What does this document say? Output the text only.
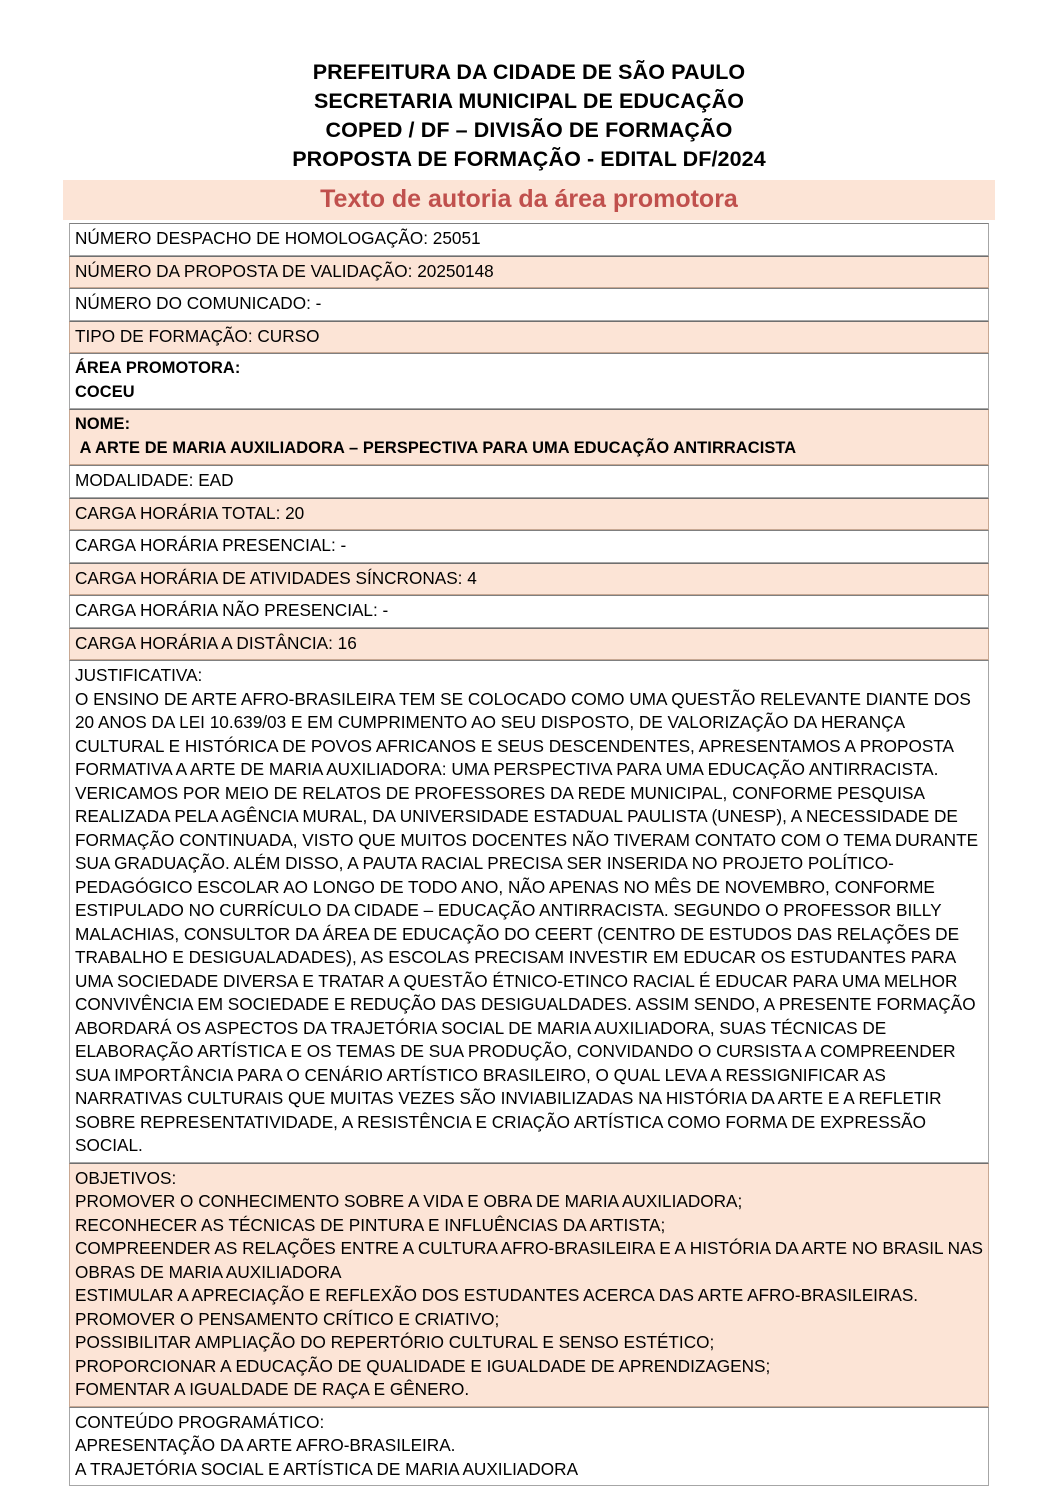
PREFEITURA DA CIDADE DE SÃO PAULO
SECRETARIA MUNICIPAL DE EDUCAÇÃO
COPED / DF – DIVISÃO DE FORMAÇÃO
PROPOSTA DE FORMAÇÃO - EDITAL DF/2024
Texto de autoria da área promotora
NÚMERO DESPACHO DE HOMOLOGAÇÃO: 25051
NÚMERO DA PROPOSTA DE VALIDAÇÃO: 20250148
NÚMERO DO COMUNICADO: -
TIPO DE FORMAÇÃO: CURSO

ÁREA PROMOTORA:
COCEU

NOME:
A ARTE DE MARIA AUXILIADORA – PERSPECTIVA PARA UMA EDUCAÇÃO ANTIRRACISTA

MODALIDADE: EAD
CARGA HORÁRIA TOTAL: 20
CARGA HORÁRIA PRESENCIAL: -
CARGA HORÁRIA DE ATIVIDADES SÍNCRONAS: 4
CARGA HORÁRIA NÃO PRESENCIAL: -
CARGA HORÁRIA A DISTÂNCIA: 16

JUSTIFICATIVA:
O ENSINO DE ARTE AFRO-BRASILEIRA TEM SE COLOCADO COMO UMA QUESTÃO RELEVANTE DIANTE DOS 20 ANOS DA LEI 10.639/03 E EM CUMPRIMENTO AO SEU DISPOSTO, DE VALORIZAÇÃO DA HERANÇA CULTURAL E HISTÓRICA DE POVOS AFRICANOS E SEUS DESCENDENTES, APRESENTAMOS A PROPOSTA FORMATIVA A ARTE DE MARIA AUXILIADORA: UMA PERSPECTIVA PARA UMA EDUCAÇÃO ANTIRRACISTA. VERICAMOS POR MEIO DE RELATOS DE PROFESSORES DA REDE MUNICIPAL, CONFORME PESQUISA REALIZADA PELA AGÊNCIA MURAL, DA UNIVERSIDADE ESTADUAL PAULISTA (UNESP), A NECESSIDADE DE FORMAÇÃO CONTINUADA, VISTO QUE MUITOS DOCENTES NÃO TIVERAM CONTATO COM O TEMA DURANTE SUA GRADUAÇÃO. ALÉM DISSO, A PAUTA RACIAL PRECISA SER INSERIDA NO PROJETO POLÍTICO-PEDAGÓGICO ESCOLAR AO LONGO DE TODO ANO, NÃO APENAS NO MÊS DE NOVEMBRO, CONFORME ESTIPULADO NO CURRÍCULO DA CIDADE – EDUCAÇÃO ANTIRRACISTA. SEGUNDO O PROFESSOR BILLY MALACHIAS, CONSULTOR DA ÁREA DE EDUCAÇÃO DO CEERT (CENTRO DE ESTUDOS DAS RELAÇÕES DE TRABALHO E DESIGUALADADES), AS ESCOLAS PRECISAM INVESTIR EM EDUCAR OS ESTUDANTES PARA UMA SOCIEDADE DIVERSA E TRATAR A QUESTÃO ÉTNICO-ETINCO RACIAL É EDUCAR PARA UMA MELHOR CONVIVÊNCIA EM SOCIEDADE E REDUÇÃO DAS DESIGUALDADES. ASSIM SENDO, A PRESENTE FORMAÇÃO ABORDARÁ OS ASPECTOS DA TRAJETÓRIA SOCIAL DE MARIA AUXILIADORA, SUAS TÉCNICAS DE ELABORAÇÃO ARTÍSTICA E OS TEMAS DE SUA PRODUÇÃO, CONVIDANDO O CURSISTA A COMPREENDER SUA IMPORTÂNCIA PARA O CENÁRIO ARTÍSTICO BRASILEIRO, O QUAL LEVA A RESSIGNIFICAR AS NARRATIVAS CULTURAIS QUE MUITAS VEZES SÃO INVIABILIZADAS NA HISTÓRIA DA ARTE E A REFLETIR SOBRE REPRESENTATIVIDADE, A RESISTÊNCIA E CRIAÇÃO ARTÍSTICA COMO FORMA DE EXPRESSÃO SOCIAL.

OBJETIVOS:
PROMOVER O CONHECIMENTO SOBRE A VIDA E OBRA DE MARIA AUXILIADORA;
RECONHECER AS TÉCNICAS DE PINTURA E INFLUÊNCIAS DA ARTISTA;
COMPREENDER AS RELAÇÕES ENTRE A CULTURA AFRO-BRASILEIRA E A HISTÓRIA DA ARTE NO BRASIL NAS OBRAS DE MARIA AUXILIADORA
ESTIMULAR A APRECIAÇÃO E REFLEXÃO DOS ESTUDANTES ACERCA DAS ARTE AFRO-BRASILEIRAS.
PROMOVER O PENSAMENTO CRÍTICO E CRIATIVO;
POSSIBILITAR AMPLIAÇÃO DO REPERTÓRIO CULTURAL E SENSO ESTÉTICO;
PROPORCIONAR A EDUCAÇÃO DE QUALIDADE E IGUALDADE DE APRENDIZAGENS;
FOMENTAR A IGUALDADE DE RAÇA E GÊNERO.

CONTEÚDO PROGRAMÁTICO:
APRESENTAÇÃO DA ARTE AFRO-BRASILEIRA.
A TRAJETÓRIA SOCIAL E ARTÍSTICA DE MARIA AUXILIADORA
